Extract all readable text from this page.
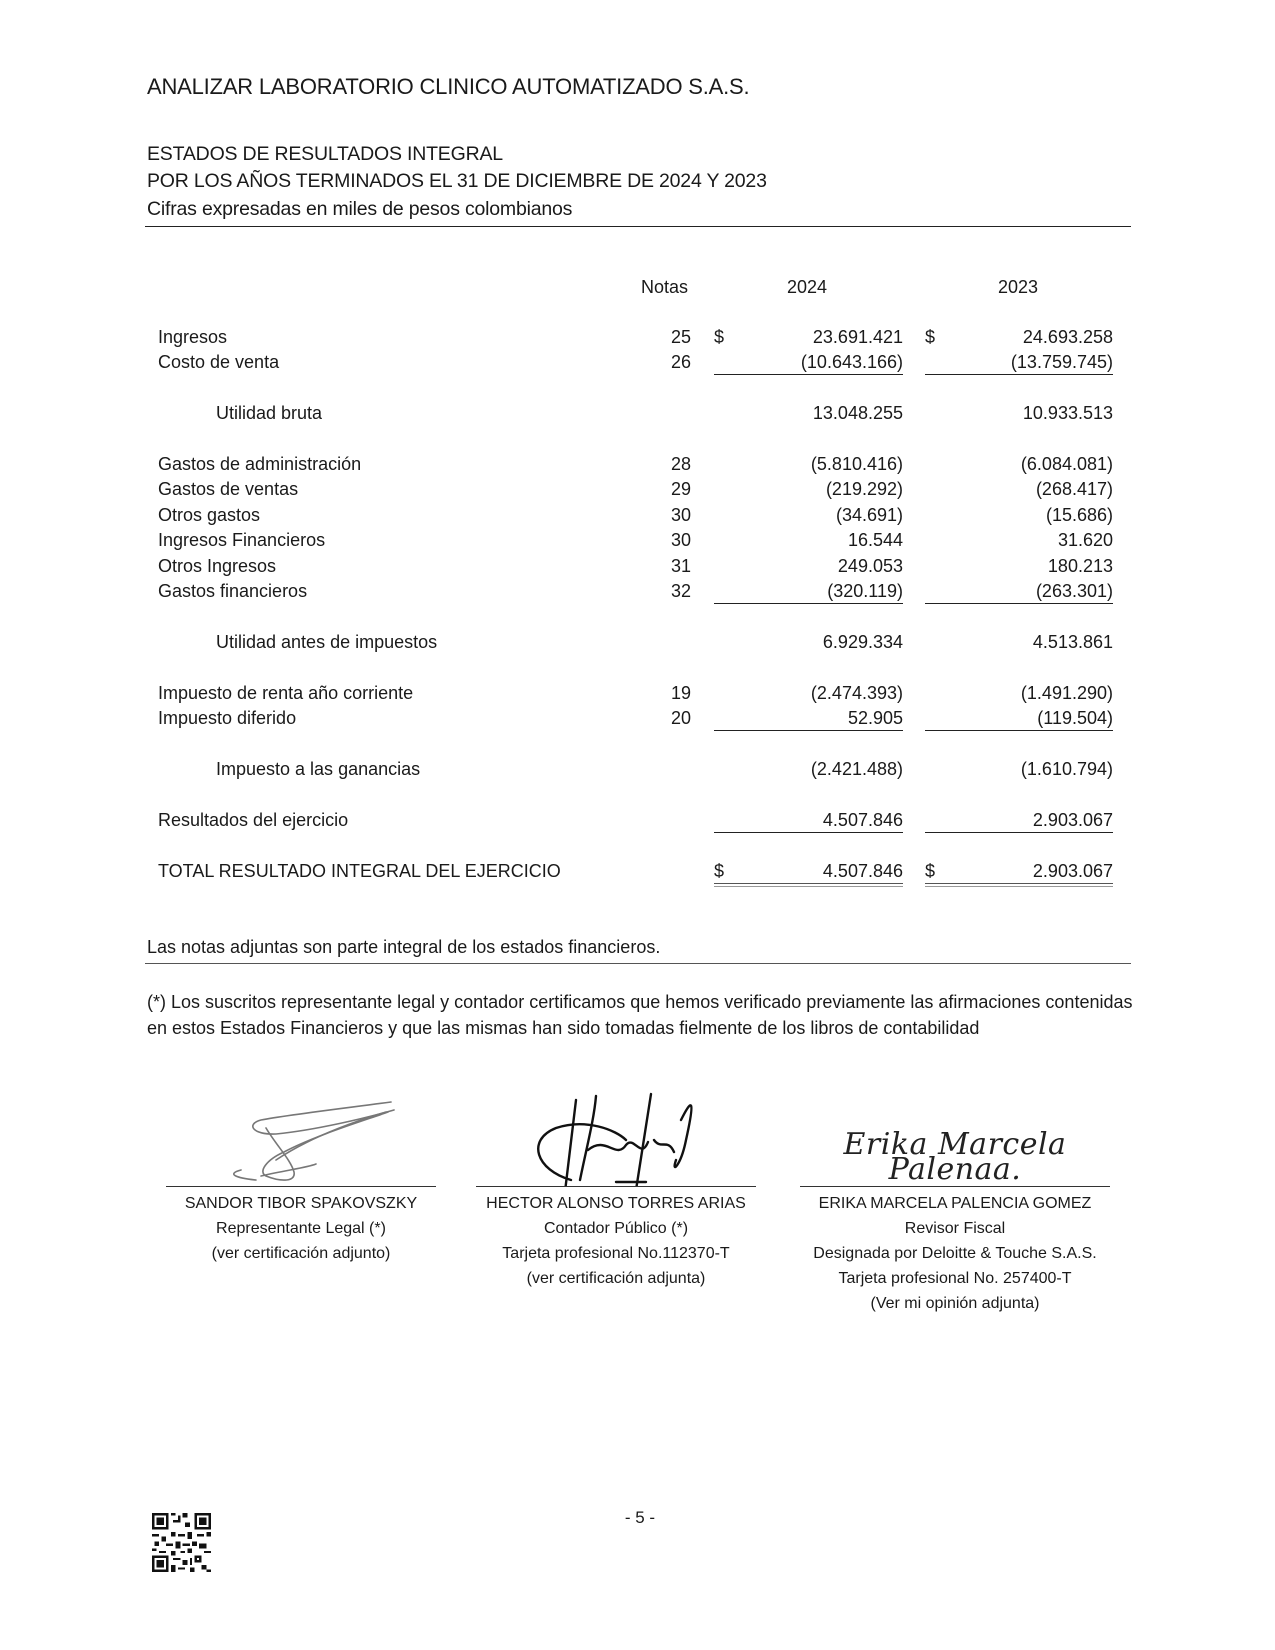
ANALIZAR LABORATORIO CLINICO AUTOMATIZADO S.A.S.
ESTADOS DE RESULTADOS INTEGRAL
POR LOS AÑOS TERMINADOS EL 31 DE DICIEMBRE DE 2024 Y 2023
Cifras expresadas en miles de pesos colombianos
Notas	2024	2023
Ingresos	25 $	23.691.421 $	24.693.258
Costo de venta	26	(10.643.166)	(13.759.745)
Utilidad bruta	13.048.255	10.933.513
Gastos de administración	28	(5.810.416)	(6.084.081)
Gastos de ventas	29	(219.292)	(268.417)
Otros gastos	30	(34.691)	(15.686)
Ingresos Financieros	30	16.544	31.620
Otros Ingresos	31	249.053	180.213
Gastos financieros	32	(320.119)	(263.301)
Utilidad antes de impuestos	6.929.334	4.513.861
Impuesto de renta año corriente	19	(2.474.393)	(1.491.290)
Impuesto diferido	20	52.905	(119.504)
Impuesto a las ganancias	(2.421.488)	(1.610.794)
Resultados del ejercicio	4.507.846	2.903.067
TOTAL RESULTADO INTEGRAL DEL EJERCICIO	$	4.507.846 $	2.903.067
Las notas adjuntas son parte integral de los estados financieros.
(*) Los suscritos representante legal y contador certificamos que hemos verificado previamente las afirmaciones contenidas en estos Estados Financieros y que las mismas han sido tomadas fielmente de los libros de contabilidad
SANDOR TIBOR SPAKOVSZKY
Representante Legal (*)
(ver certificación adjunto)
HECTOR ALONSO TORRES ARIAS
Contador Público (*)
Tarjeta profesional No.112370-T
(ver certificación adjunta)
Erika Marcela Palenaa.
ERIKA MARCELA PALENCIA GOMEZ
Revisor Fiscal
Designada por Deloitte & Touche S.A.S.
Tarjeta profesional No. 257400-T
(Ver mi opinión adjunta)
- 5 -
